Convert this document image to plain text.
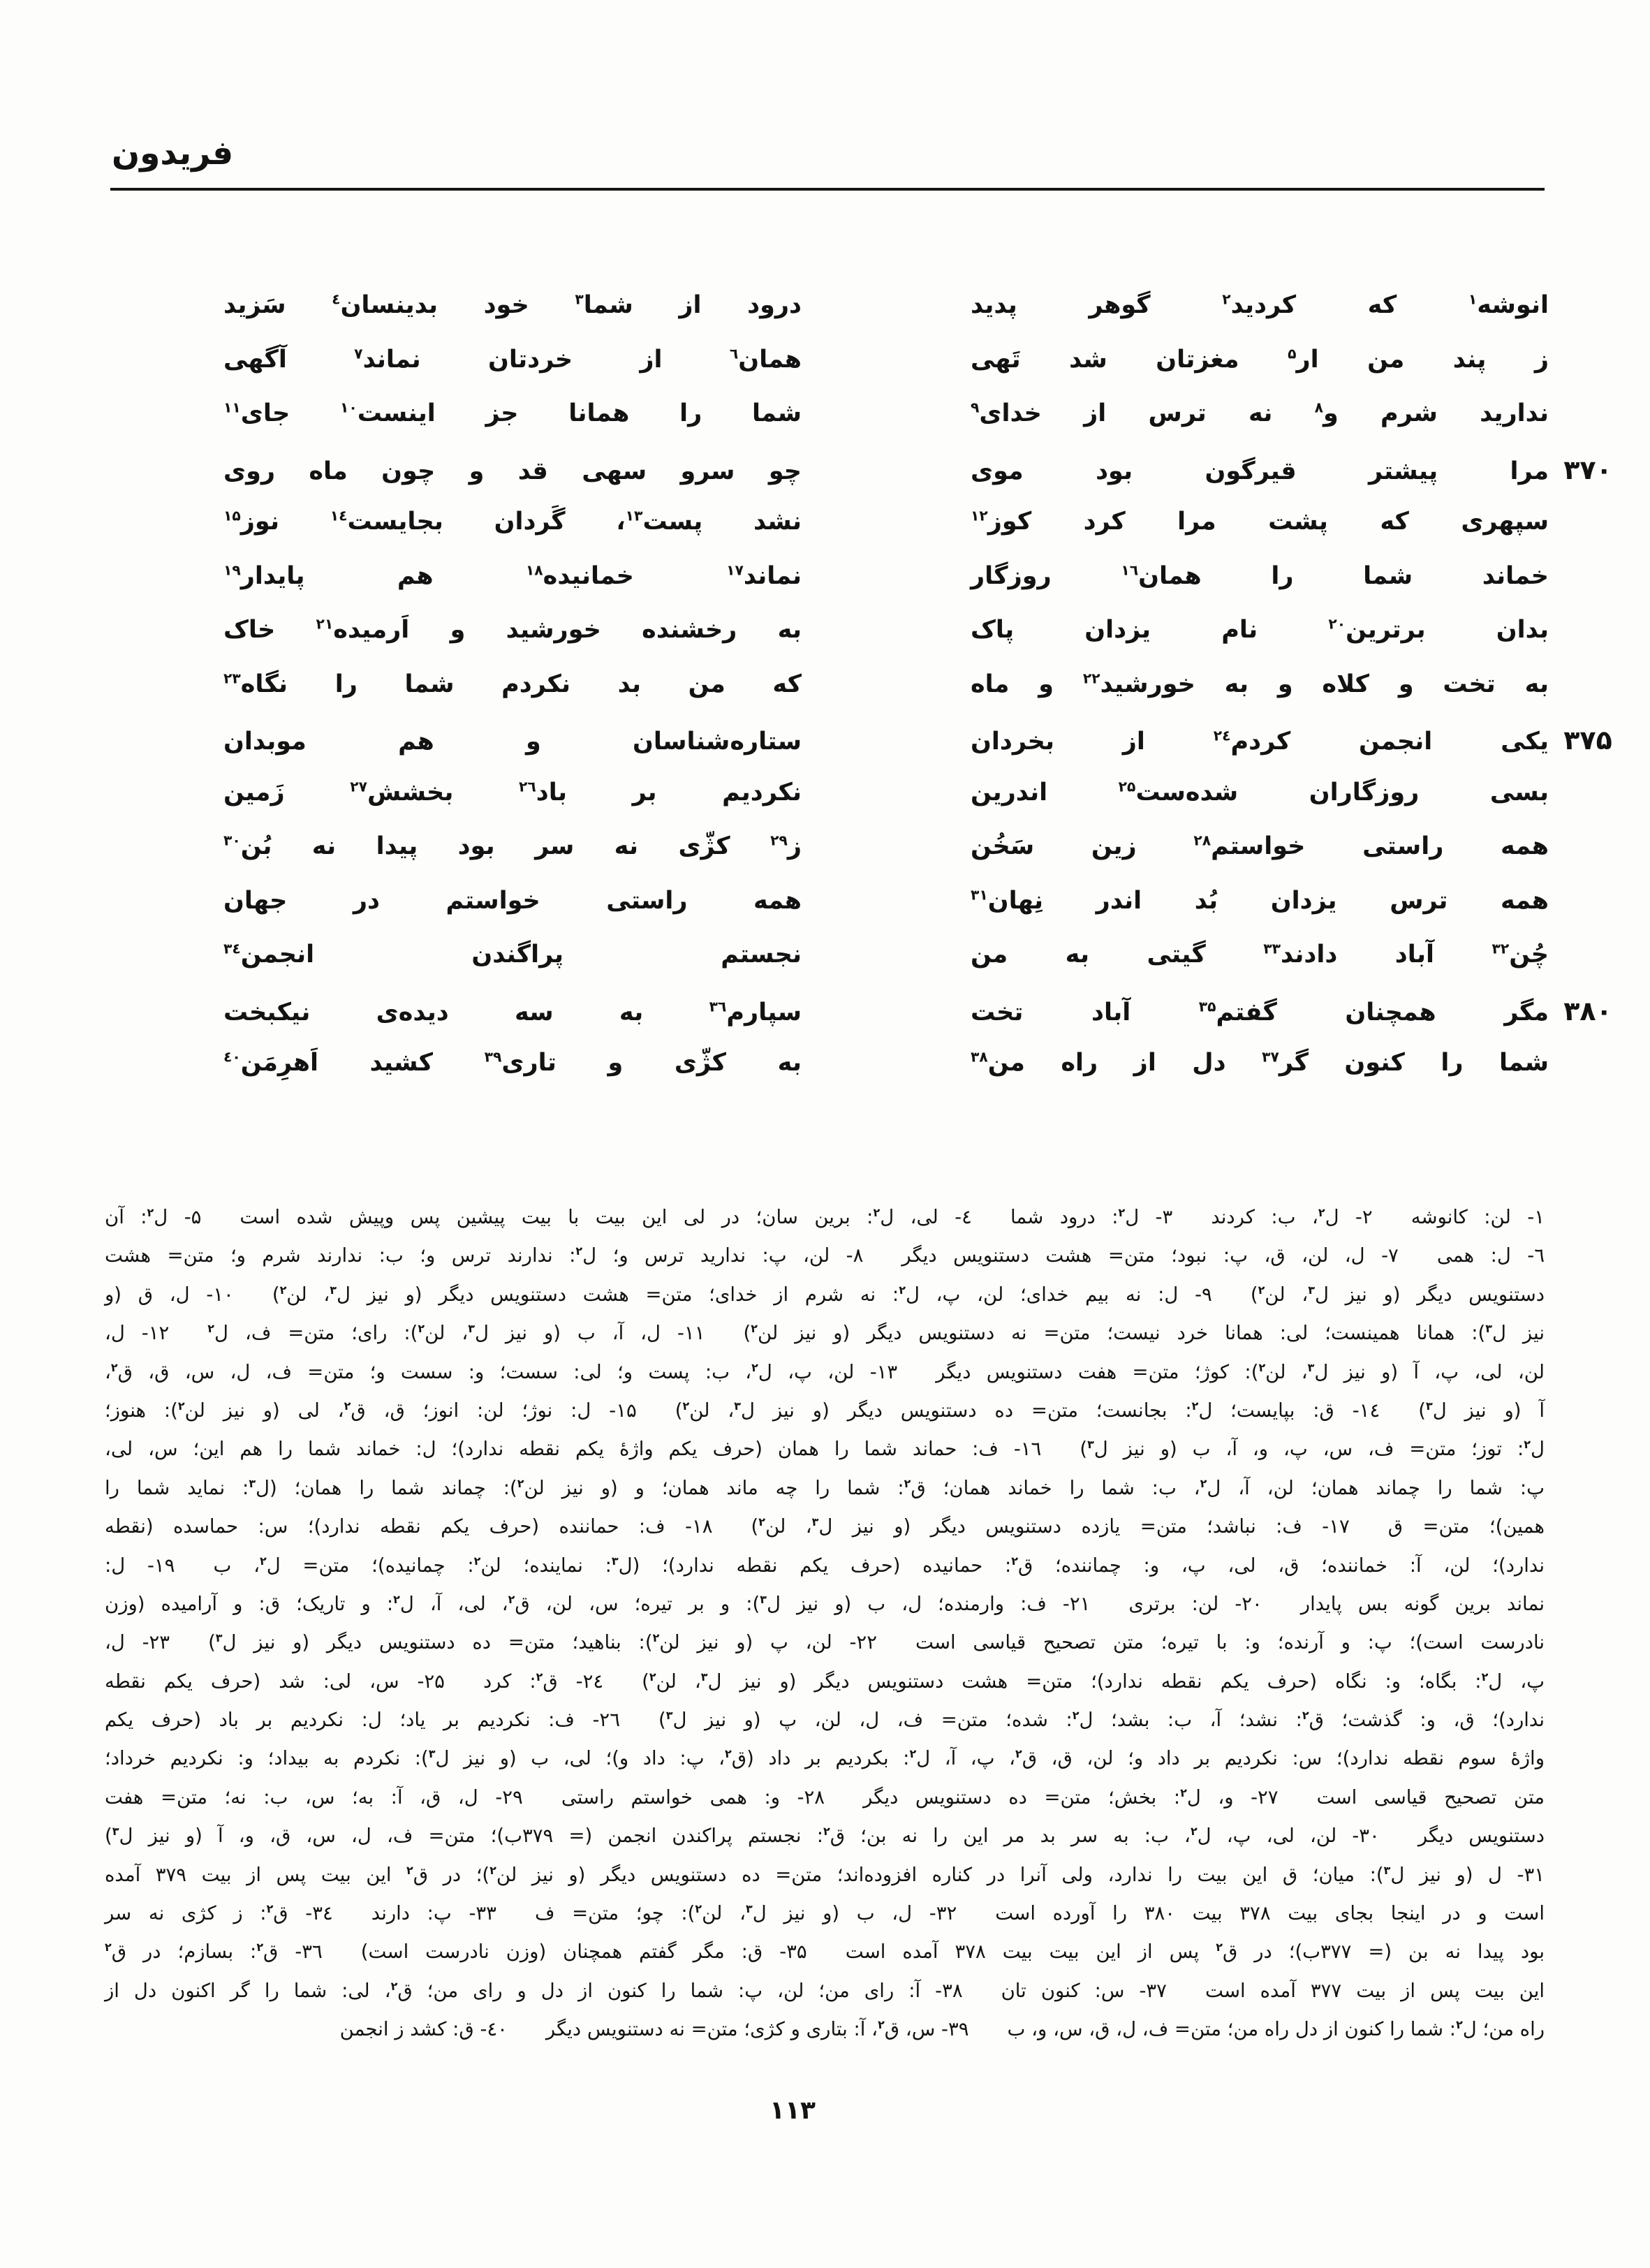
فریدون
انوشه$^١$ که کردید$^٢$ گوهر پدید
درود از شما$^٣$ خود بدینسان$^٤$ سَزید
ز پند من ار$^۵$ مغزتان شد تَهی
همان$^٦$ از خردتان نماند$^٧$ آگهی
ندارید شرم و$^٨$ نه ترس از خدای$^٩$
شما را همانا جز اینست$^{١٠}$ جای$^{١١}$
٣٧٠
مرا پیشتر قیرگون بود موی
چو سرو سهی قد و چون ماه روی
سپهری که پشت مرا کرد کوز$^{١٢}$
نشد پست$^{١٣}$، گَردان بجایست$^{١٤}$ نوز$^{١۵}$
خماند شما را همان$^{١٦}$ روزگار
نماند$^{١٧}$ خمانیده$^{١٨}$ هم پایدار$^{١٩}$
بدان برترین$^{٢٠}$ نام یزدان پاک
به رخشنده خورشید و اَرمیده$^{٢١}$ خاک
به تخت و کلاه و به خورشید$^{٢٢}$ و ماه
که من بد نکردم شما را نگاه$^{٢٣}$
٣٧۵
یکی انجمن کردم$^{٢٤}$ از بخردان
ستاره‌شناسان و هم موبدان
بسی روزگاران شده‌ست$^{٢۵}$ اندرین
نکردیم بر باد$^{٢٦}$ بخشش$^{٢٧}$ زَمین
همه راستی خواستم$^{٢٨}$ زین سَخُن
ز$^{٢٩}$ کژّی نه سر بود پیدا نه بُن$^{٣٠}$
همه ترس یزدان بُد اندر نِهان$^{٣١}$
همه راستی خواستم در جهان
چُن$^{٣٢}$ آباد دادند$^{٣٣}$ گیتی به من
نجستم پراگندن انجمن$^{٣٤}$
٣٨٠
مگر همچنان گفتم$^{٣۵}$ آباد تخت
سپارم$^{٣٦}$ به سه دیده‌ی نیکبخت
شما را کنون گر$^{٣٧}$ دل از راه من$^{٣٨}$
به کژّی و تاری$^{٣٩}$ کشید اَهرِمَن$^{٤٠}$
١- لن: کانوشه  ٢- ل$^٢$، ب: کردند  ٣- ل$^٢$: درود شما  ٤- لی، ل$^٢$: برین سان؛ در لی این بیت با بیت پیشین پس وپیش شده است  ۵- ل$^٢$: آن
٦- ل: همی  ٧- ل، لن، ق، پ: نبود؛ متن= هشت دستنویس دیگر  ٨- لن، پ: ندارید ترس و؛ ل$^٢$: ندارند ترس و؛ ب: ندارند شرم و؛ متن= هشت
دستنویس دیگر (و نیز ل$^٣$، لن$^٢$)  ٩- ل: نه بیم خدای؛ لن، پ، ل$^٢$: نه شرم از خدای؛ متن= هشت دستنویس دیگر (و نیز ل$^٣$، لن$^٢$)  ١٠- ل، ق (و
نیز ل$^٣$): همانا همینست؛ لی: همانا خرد نیست؛ متن= نه دستنویس دیگر (و نیز لن$^٢$)  ١١- ل، آ، ب (و نیز ل$^٣$، لن$^٢$): رای؛ متن= ف، ل$^٢$  ١٢- ل،
لن، لی، پ، آ (و نیز ل$^٣$، لن$^٢$): کوژ؛ متن= هفت دستنویس دیگر  ١٣- لن، پ، ل$^٢$، ب: پست و؛ لی: سست؛ و: سست و؛ متن= ف، ل، س، ق، ق$^٢$،
آ (و نیز ل$^٣$)  ١٤- ق: بپایست؛ ل$^٢$: بجانست؛ متن= ده دستنویس دیگر (و نیز ل$^٣$، لن$^٢$)  ١۵- ل: نوژ؛ لن: انوز؛ ق، ق$^٢$، لی (و نیز لن$^٢$): هنوز؛
ل$^٢$: توز؛ متن= ف، س، پ، و، آ، ب (و نیز ل$^٣$)  ١٦- ف: حماند شما را همان (حرف یکم واژهٔ یکم نقطه ندارد)؛ ل: خماند شما را هم این؛ س، لی،
پ: شما را چماند همان؛ لن، آ، ل$^٢$، ب: شما را خماند همان؛ ق$^٢$: شما را چه ماند همان؛ و (و نیز لن$^٢$): چماند شما را همان؛ (ل$^٣$: نماید شما را
همین)؛ متن= ق  ١٧- ف: نباشد؛ متن= یازده دستنویس دیگر (و نیز ل$^٣$، لن$^٢$)  ١٨- ف: حماننده (حرف یکم نقطه ندارد)؛ س: حماسده (نقطه
ندارد)؛ لن، آ: خماننده؛ ق، لی، پ، و: چماننده؛ ق$^٢$: حمانیده (حرف یکم نقطه ندارد)؛ (ل$^٣$: نماینده؛ لن$^٢$: چمانیده)؛ متن= ل$^٢$، ب  ١٩- ل:
نماند برین گونه بس پایدار  ٢٠- لن: برتری  ٢١- ف: وارمنده؛ ل، ب (و نیز ل$^٣$): و بر تیره؛ س، لن، ق$^٢$، لی، آ، ل$^٢$: و تاریک؛ ق: و آرامیده (وزن
نادرست است)؛ پ: و آرنده؛ و: با تیره؛ متن تصحیح قیاسی است  ٢٢- لن، پ (و نیز لن$^٢$): بناهید؛ متن= ده دستنویس دیگر (و نیز ل$^٣$)  ٢٣- ل،
پ، ل$^٢$: بگاه؛ و: نگاه (حرف یکم نقطه ندارد)؛ متن= هشت دستنویس دیگر (و نیز ل$^٣$، لن$^٢$)  ٢٤- ق$^٢$: کرد  ٢۵- س، لی: شد (حرف یکم نقطه
ندارد)؛ ق، و: گذشت؛ ق$^٢$: نشد؛ آ، ب: بشد؛ ل$^٢$: شده؛ متن= ف، ل، لن، پ (و نیز ل$^٣$)  ٢٦- ف: نکردیم بر یاد؛ ل: نکردیم بر باد (حرف یکم
واژهٔ سوم نقطه ندارد)؛ س: نکردیم بر داد و؛ لن، ق، ق$^٢$، پ، آ، ل$^٢$: بکردیم بر داد (ق$^٢$، پ: داد و)؛ لی، ب (و نیز ل$^٣$): نکردم به بیداد؛ و: نکردیم خرداد؛
متن تصحیح قیاسی است  ٢٧- و، ل$^٢$: بخش؛ متن= ده دستنویس دیگر  ٢٨- و: همی خواستم راستی  ٢٩- ل، ق، آ: به؛ س، ب: نه؛ متن= هفت
دستنویس دیگر  ٣٠- لن، لی، پ، ل$^٢$، ب: به سر بد مر این را نه بن؛ ق$^٢$: نجستم پراکندن انجمن (= ٣٧٩ب)؛ متن= ف، ل، س، ق، و، آ (و نیز ل$^٣$)
٣١- ل (و نیز ل$^٣$): میان؛ ق این بیت را ندارد، ولی آنرا در کناره افزوده‌اند؛ متن= ده دستنویس دیگر (و نیز لن$^٢$)؛ در ق$^٢$ این بیت پس از بیت ٣٧٩ آمده
است و در اینجا بجای بیت ٣٧٨ بیت ٣٨٠ را آورده است  ٣٢- ل، ب (و نیز ل$^٣$، لن$^٢$): چو؛ متن= ف  ٣٣- پ: دارند  ٣٤- ق$^٢$: ز کژی نه سر
بود پیدا نه بن (= ٣٧٧ب)؛ در ق$^٢$ پس از این بیت بیت ٣٧٨ آمده است  ٣۵- ق: مگر گفتم همچنان (وزن نادرست است)  ٣٦- ق$^٢$: بسازم؛ در ق$^٢$
این بیت پس از بیت ٣٧٧ آمده است  ٣٧- س: کنون تان  ٣٨- آ: رای من؛ لن، پ: شما را کنون از دل و رای من؛ ق$^٢$، لی: شما را گر اکنون دل از
راه من؛ ل$^٢$: شما را کنون از دل راه من؛ متن= ف، ل، ق، س، و، ب  ٣٩- س، ق$^٢$، آ: بتاری و کژی؛ متن= نه دستنویس دیگر  ٤٠- ق: کشد ز انجمن
١١٣
